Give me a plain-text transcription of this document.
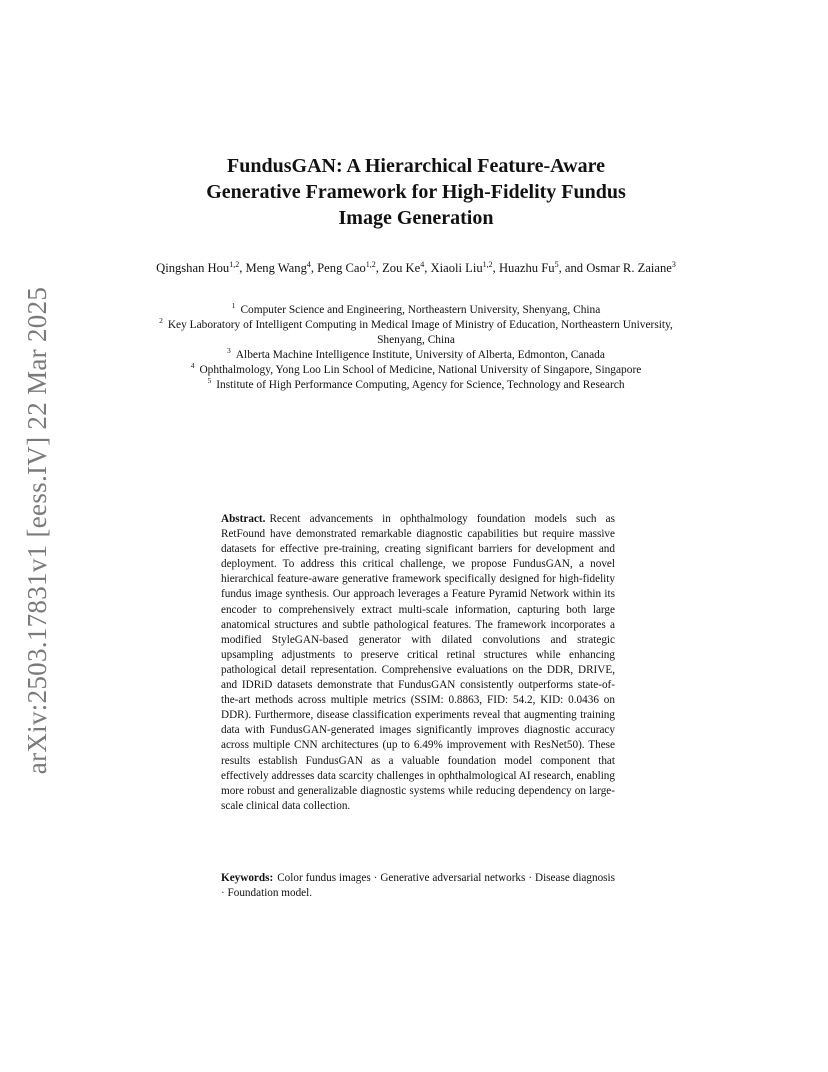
arXiv:2503.17831v1 [eess.IV] 22 Mar 2025
FundusGAN: A Hierarchical Feature-Aware
Generative Framework for High-Fidelity Fundus
Image Generation
Qingshan Hou$^{1,2}$, Meng Wang$^4$, Peng Cao$^{1,2}$, Zou Ke$^4$, Xiaoli Liu$^{1,2}$, Huazhu Fu$^5$, and Osmar R. Zaiane$^3$

$^1$ Computer Science and Engineering, Northeastern University, Shenyang, China

$^2$ Key Laboratory of Intelligent Computing in Medical Image of Ministry of Education, Northeastern University, Shenyang, China

$^3$ Alberta Machine Intelligence Institute, University of Alberta, Edmonton, Canada

$^4$ Ophthalmology, Yong Loo Lin School of Medicine, National University of Singapore, Singapore

$^5$ Institute of High Performance Computing, Agency for Science, Technology and Research

Abstract. Recent advancements in ophthalmology foundation models such as RetFound have demonstrated remarkable diagnostic capabilities but require massive datasets for effective pre-training, creating significant barriers for development and deployment. To address this critical challenge, we propose FundusGAN, a novel hierarchical feature-aware generative framework specifically designed for high-fidelity fundus image synthesis. Our approach leverages a Feature Pyramid Network within its encoder to comprehensively extract multi-scale information, capturing both large anatomical structures and subtle pathological features. The framework incorporates a modified StyleGAN-based generator with dilated convolutions and strategic upsampling adjustments to preserve critical retinal structures while enhancing pathological detail representation. Comprehensive evaluations on the DDR, DRIVE, and IDRiD datasets demonstrate that FundusGAN consistently outperforms state-of-the-art methods across multiple metrics (SSIM: 0.8863, FID: 54.2, KID: 0.0436 on DDR). Furthermore, disease classification experiments reveal that augmenting training data with FundusGAN-generated images significantly improves diagnostic accuracy across multiple CNN architectures (up to 6.49% improvement with ResNet50). These results establish FundusGAN as a valuable foundation model component that effectively addresses data scarcity challenges in ophthalmological AI research, enabling more robust and generalizable diagnostic systems while reducing dependency on large-scale clinical data collection.
Keywords: Color fundus images · Generative adversarial networks · Disease diagnosis · Foundation model.
